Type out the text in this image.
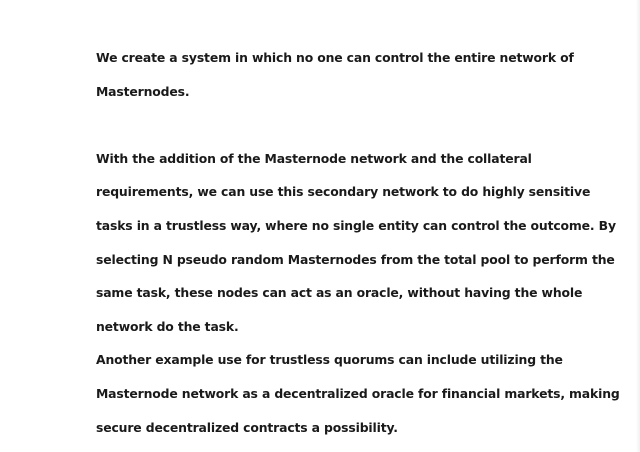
We create a system in which no one can control the entire network of
Masternodes.
With the addition of the Masternode network and the collateral
requirements, we can use this secondary network to do highly sensitive
tasks in a trustless way, where no single entity can control the outcome. By
selecting N pseudo random Masternodes from the total pool to perform the
same task, these nodes can act as an oracle, without having the whole
network do the task.
Another example use for trustless quorums can include utilizing the
Masternode network as a decentralized oracle for financial markets, making
secure decentralized contracts a possibility.
